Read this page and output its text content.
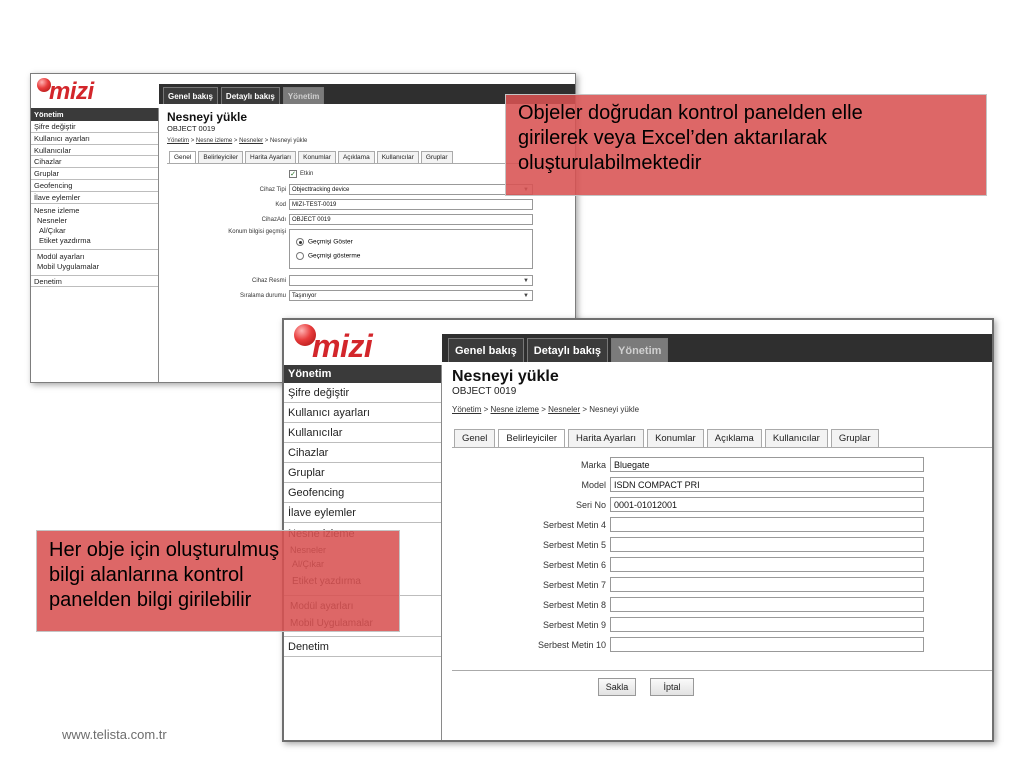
mizi	Genel bakış	Detaylı bakış	Yönetim
Yönetim
Şifre değiştir
Kullanıcı ayarları
Kullanıcılar
Cihazlar
Gruplar
Geofencing
İlave eylemler
Nesne izleme
Nesneler
Al/Çıkar
Etiket yazdırma
Modül ayarları
Mobil Uygulamalar
Denetim
Nesneyi yükle
OBJECT 0019
Yönetim > Nesne izleme > Nesneler > Nesneyi yükle
Genel	Belirleyiciler	Harita Ayarları	Konumlar	Açıklama	Kullanıcılar	Gruplar
✓ Etkin
Cihaz Tipi	Objecttracking device
Kod	MIZI-TEST-0019
CihazAdı	OBJECT 0019
Konum bilgisi geçmişi
Geçmişi Göster
Geçmişi gösterme
Cihaz Resmi	▼
Sıralama durumu	Taşınıyor	▼
mizi	Genel bakış	Detaylı bakış	Yönetim
Yönetim
Şifre değiştir
Kullanıcı ayarları
Kullanıcılar
Cihazlar
Gruplar
Geofencing
İlave eylemler
Denetim
Nesneyi yükle
OBJECT 0019
Yönetim > Nesne izleme > Nesneler > Nesneyi yükle
Genel	Belirleyiciler	Harita Ayarları	Konumlar	Açıklama	Kullanıcılar	Gruplar
Marka Bluegate
Model ISDN COMPACT PRI
Seri No 0001-01012001
Serbest Metin 4
Serbest Metin 5
Serbest Metin 6
Serbest Metin 7
Serbest Metin 8
Serbest Metin 9
Serbest Metin 10
Sakla	İptal
Objeler doğrudan kontrol panelden elle
girilerek veya Excel’den aktarılarak
oluşturulabilmektedir
Her obje için oluşturulmuş
bilgi alanlarına kontrol
panelden bilgi girilebilir
www.telista.com.tr
